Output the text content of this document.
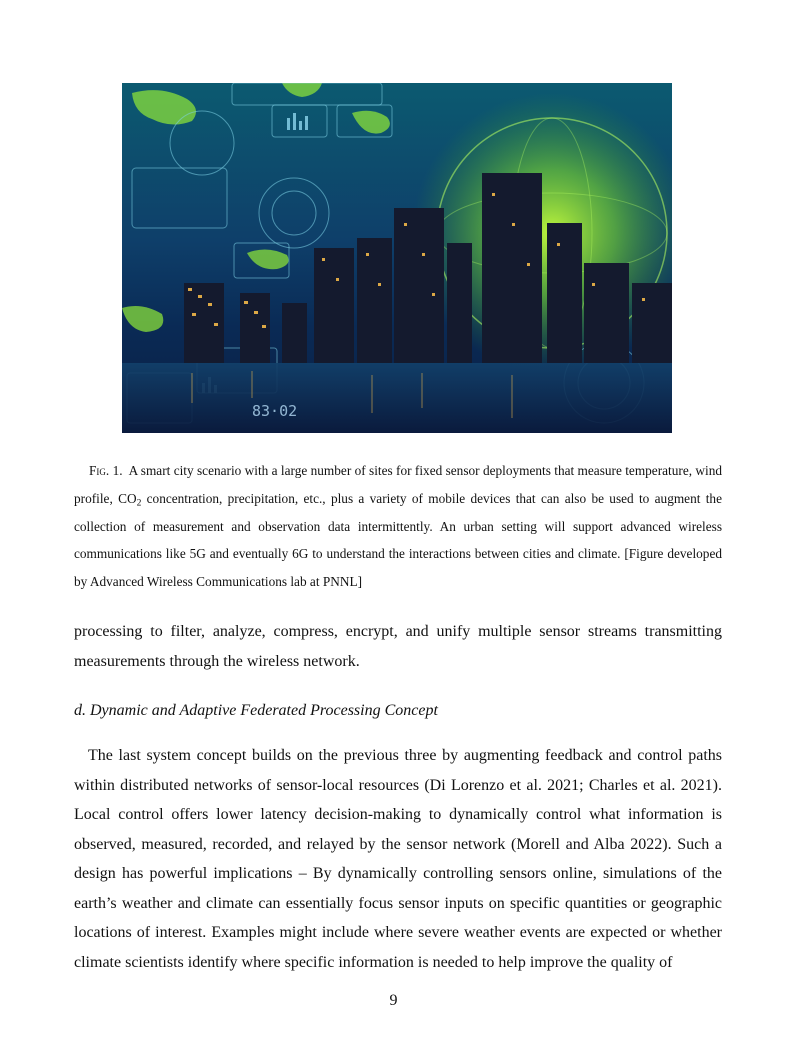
83·02
Fig. 1. A smart city scenario with a large number of sites for fixed sensor deployments that measure temperature, wind profile, $CO_2$ concentration, precipitation, etc., plus a variety of mobile devices that can also be used to augment the collection of measurement and observation data intermittently. An urban setting will support advanced wireless communications like 5G and eventually 6G to understand the interactions between cities and climate. [Figure developed by Advanced Wireless Communications lab at PNNL]
processing to filter, analyze, compress, encrypt, and unify multiple sensor streams transmitting measurements through the wireless network.
d. Dynamic and Adaptive Federated Processing Concept
The last system concept builds on the previous three by augmenting feedback and control paths within distributed networks of sensor-local resources (Di Lorenzo et al. 2021; Charles et al. 2021). Local control offers lower latency decision-making to dynamically control what information is observed, measured, recorded, and relayed by the sensor network (Morell and Alba 2022). Such a design has powerful implications – By dynamically controlling sensors online, simulations of the earth’s weather and climate can essentially focus sensor inputs on specific quantities or geographic locations of interest. Examples might include where severe weather events are expected or whether climate scientists identify where specific information is needed to help improve the quality of
9
